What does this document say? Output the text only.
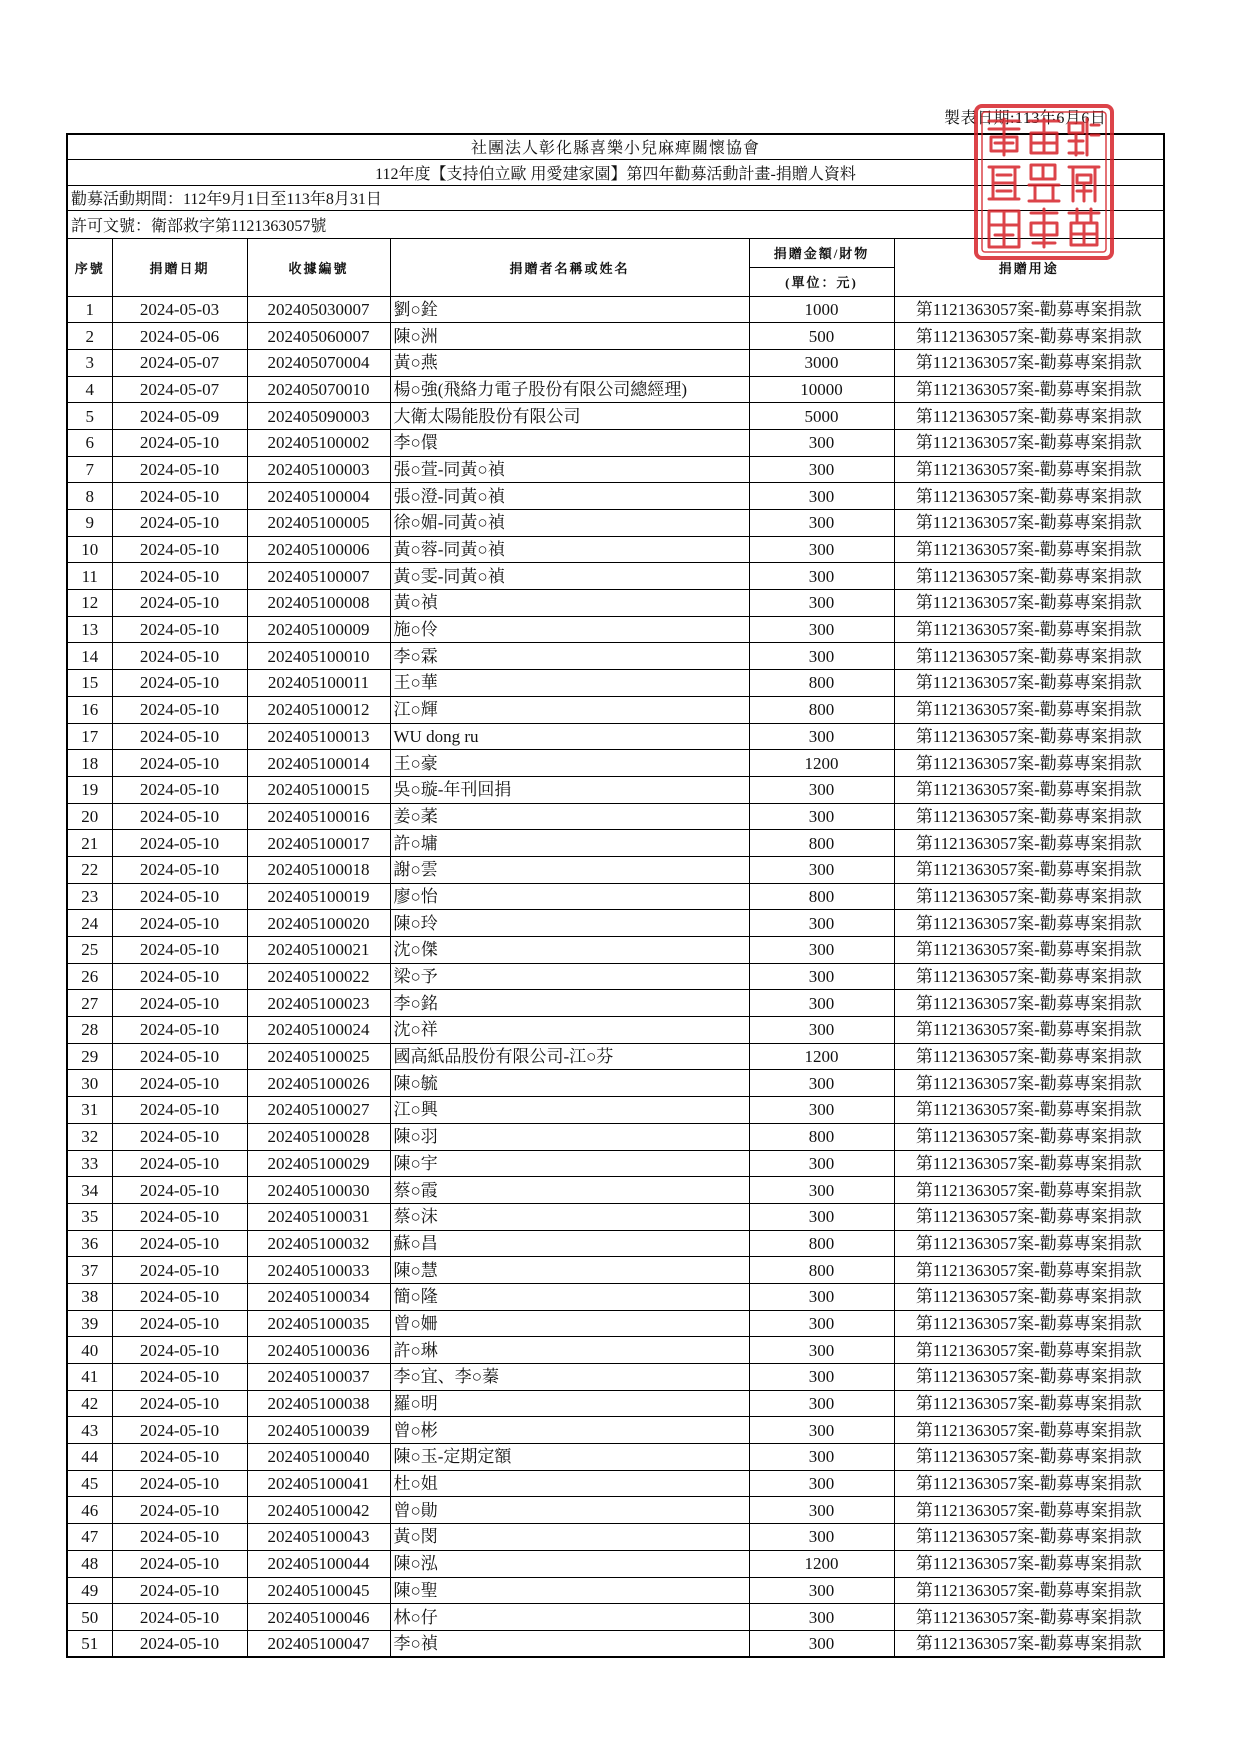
製表日期:113年6月6日
社團法人彰化縣喜樂小兒麻痺關懷協會					
112年度【支持伯立歐 用愛建家園】第四年勸募活動計畫-捐贈人資料					
勸募活動期間：112年9月1日至113年8月31日					
許可文號：衛部救字第1121363057號					
序號	捐贈日期	收據編號	捐贈者名稱或姓名	捐贈金額/財物	捐贈用途
				(單位：元)	
1	2024-05-03	202405030007	劉○銓	1000	第1121363057案-勸募專案捐款
2	2024-05-06	202405060007	陳○洲	500	第1121363057案-勸募專案捐款
3	2024-05-07	202405070004	黃○燕	3000	第1121363057案-勸募專案捐款
4	2024-05-07	202405070010	楊○強(飛絡力電子股份有限公司總經理)	10000	第1121363057案-勸募專案捐款
5	2024-05-09	202405090003	大衛太陽能股份有限公司	5000	第1121363057案-勸募專案捐款
6	2024-05-10	202405100002	李○儇	300	第1121363057案-勸募專案捐款
7	2024-05-10	202405100003	張○萱-同黃○禎	300	第1121363057案-勸募專案捐款
8	2024-05-10	202405100004	張○澄-同黃○禎	300	第1121363057案-勸募專案捐款
9	2024-05-10	202405100005	徐○媚-同黃○禎	300	第1121363057案-勸募專案捐款
10	2024-05-10	202405100006	黃○蓉-同黃○禎	300	第1121363057案-勸募專案捐款
11	2024-05-10	202405100007	黃○雯-同黃○禎	300	第1121363057案-勸募專案捐款
12	2024-05-10	202405100008	黃○禎	300	第1121363057案-勸募專案捐款
13	2024-05-10	202405100009	施○伶	300	第1121363057案-勸募專案捐款
14	2024-05-10	202405100010	李○霖	300	第1121363057案-勸募專案捐款
15	2024-05-10	202405100011	王○華	800	第1121363057案-勸募專案捐款
16	2024-05-10	202405100012	江○輝	800	第1121363057案-勸募專案捐款
17	2024-05-10	202405100013	WU dong ru	300	第1121363057案-勸募專案捐款
18	2024-05-10	202405100014	王○豪	1200	第1121363057案-勸募專案捐款
19	2024-05-10	202405100015	吳○璇-年刊回捐	300	第1121363057案-勸募專案捐款
20	2024-05-10	202405100016	姜○葇	300	第1121363057案-勸募專案捐款
21	2024-05-10	202405100017	許○墉	800	第1121363057案-勸募專案捐款
22	2024-05-10	202405100018	謝○雲	300	第1121363057案-勸募專案捐款
23	2024-05-10	202405100019	廖○怡	800	第1121363057案-勸募專案捐款
24	2024-05-10	202405100020	陳○玲	300	第1121363057案-勸募專案捐款
25	2024-05-10	202405100021	沈○傑	300	第1121363057案-勸募專案捐款
26	2024-05-10	202405100022	梁○予	300	第1121363057案-勸募專案捐款
27	2024-05-10	202405100023	李○銘	300	第1121363057案-勸募專案捐款
28	2024-05-10	202405100024	沈○祥	300	第1121363057案-勸募專案捐款
29	2024-05-10	202405100025	國高紙品股份有限公司-江○芬	1200	第1121363057案-勸募專案捐款
30	2024-05-10	202405100026	陳○毓	300	第1121363057案-勸募專案捐款
31	2024-05-10	202405100027	江○興	300	第1121363057案-勸募專案捐款
32	2024-05-10	202405100028	陳○羽	800	第1121363057案-勸募專案捐款
33	2024-05-10	202405100029	陳○宇	300	第1121363057案-勸募專案捐款
34	2024-05-10	202405100030	蔡○霞	300	第1121363057案-勸募專案捐款
35	2024-05-10	202405100031	蔡○沫	300	第1121363057案-勸募專案捐款
36	2024-05-10	202405100032	蘇○昌	800	第1121363057案-勸募專案捐款
37	2024-05-10	202405100033	陳○慧	800	第1121363057案-勸募專案捐款
38	2024-05-10	202405100034	簡○隆	300	第1121363057案-勸募專案捐款
39	2024-05-10	202405100035	曾○姍	300	第1121363057案-勸募專案捐款
40	2024-05-10	202405100036	許○琳	300	第1121363057案-勸募專案捐款
41	2024-05-10	202405100037	李○宜、李○蓁	300	第1121363057案-勸募專案捐款
42	2024-05-10	202405100038	羅○明	300	第1121363057案-勸募專案捐款
43	2024-05-10	202405100039	曾○彬	300	第1121363057案-勸募專案捐款
44	2024-05-10	202405100040	陳○玉-定期定額	300	第1121363057案-勸募專案捐款
45	2024-05-10	202405100041	杜○姐	300	第1121363057案-勸募專案捐款
46	2024-05-10	202405100042	曾○勛	300	第1121363057案-勸募專案捐款
47	2024-05-10	202405100043	黃○閔	300	第1121363057案-勸募專案捐款
48	2024-05-10	202405100044	陳○泓	1200	第1121363057案-勸募專案捐款
49	2024-05-10	202405100045	陳○聖	300	第1121363057案-勸募專案捐款
50	2024-05-10	202405100046	林○仔	300	第1121363057案-勸募專案捐款
51	2024-05-10	202405100047	李○禎	300	第1121363057案-勸募專案捐款
